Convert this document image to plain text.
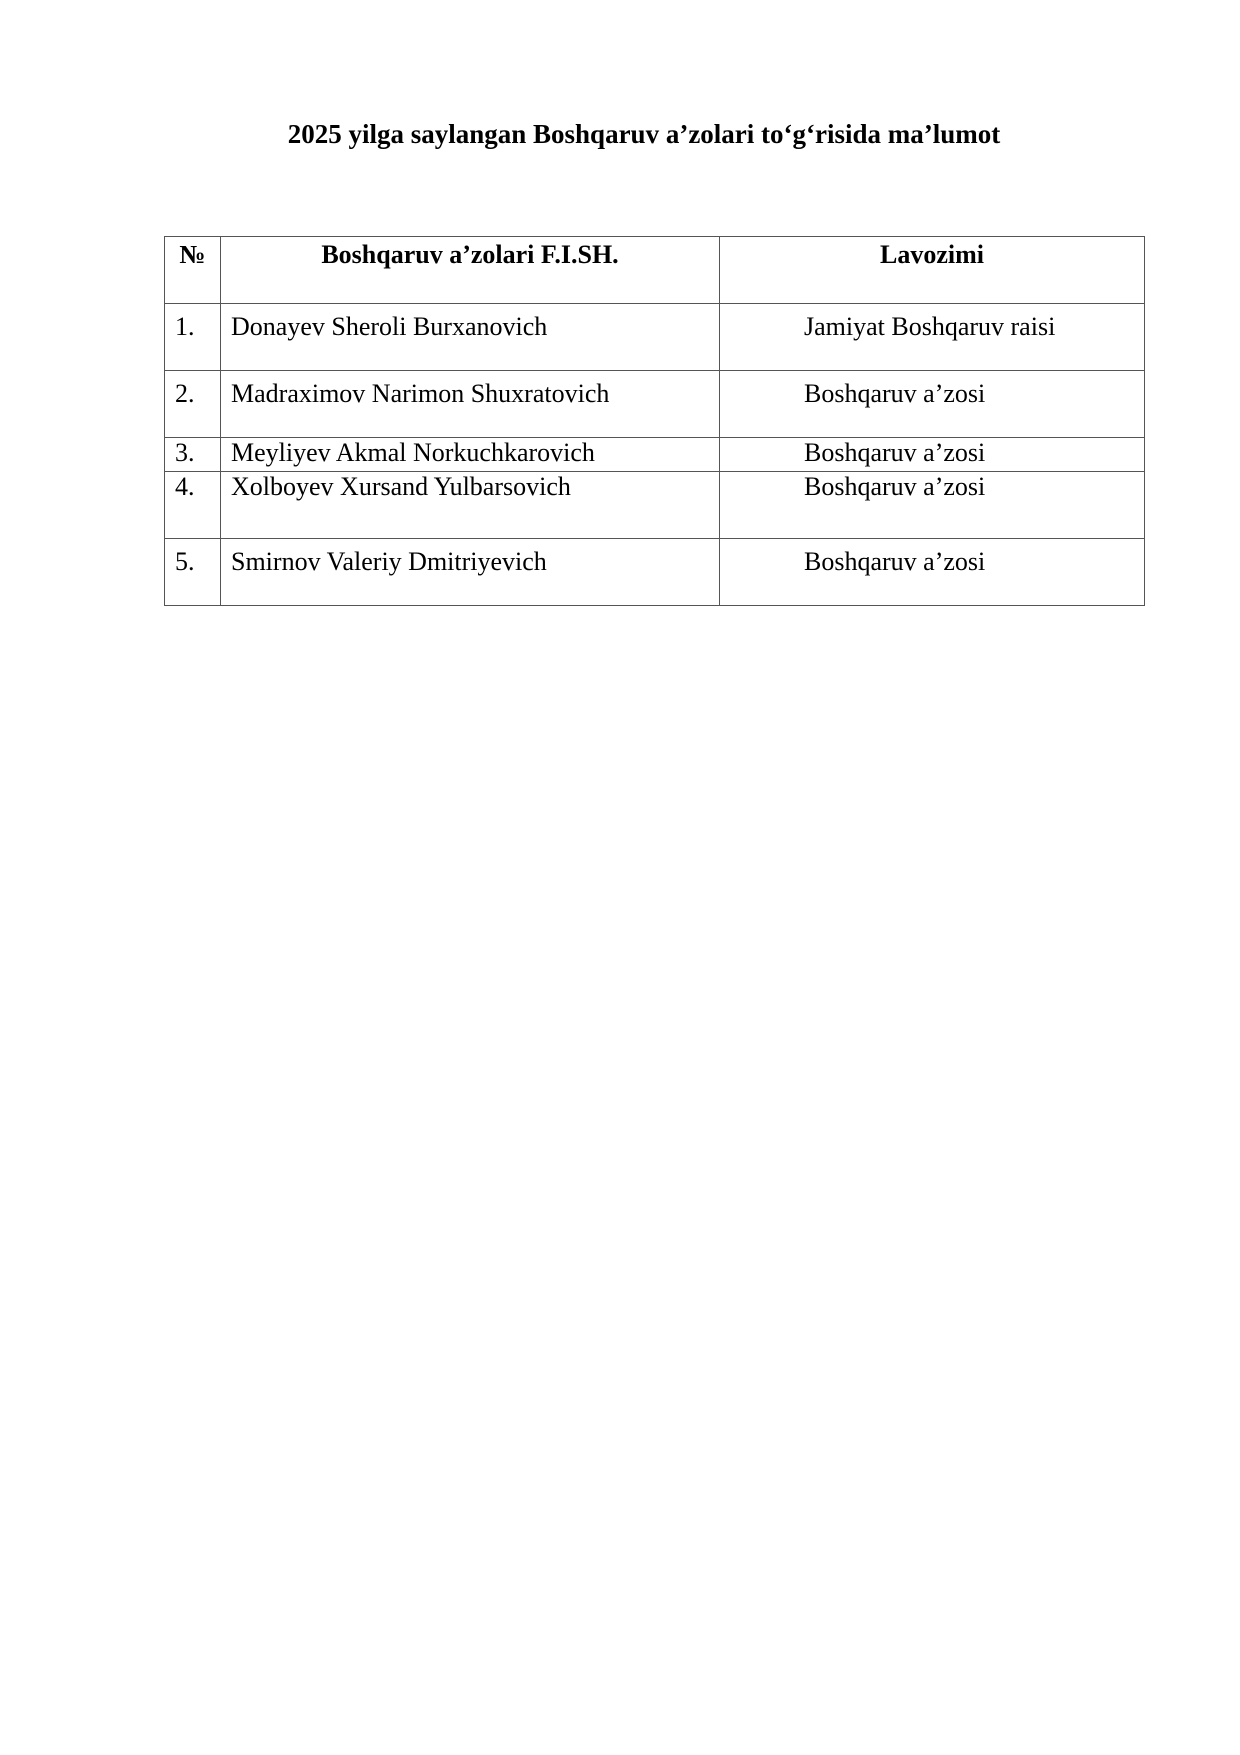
2025 yilga saylangan Boshqaruv a’zolari to‘g‘risida ma’lumot
№	Boshqaruv a’zolari F.I.SH.	Lavozimi
1.	Donayev Sheroli Burxanovich	Jamiyat Boshqaruv raisi
2.	Madraximov Narimon Shuxratovich	Boshqaruv a’zosi
3.	Meyliyev Akmal Norkuchkarovich	Boshqaruv a’zosi
4.	Xolboyev Xursand Yulbarsovich	Boshqaruv a’zosi
5.	Smirnov Valeriy Dmitriyevich	Boshqaruv a’zosi
